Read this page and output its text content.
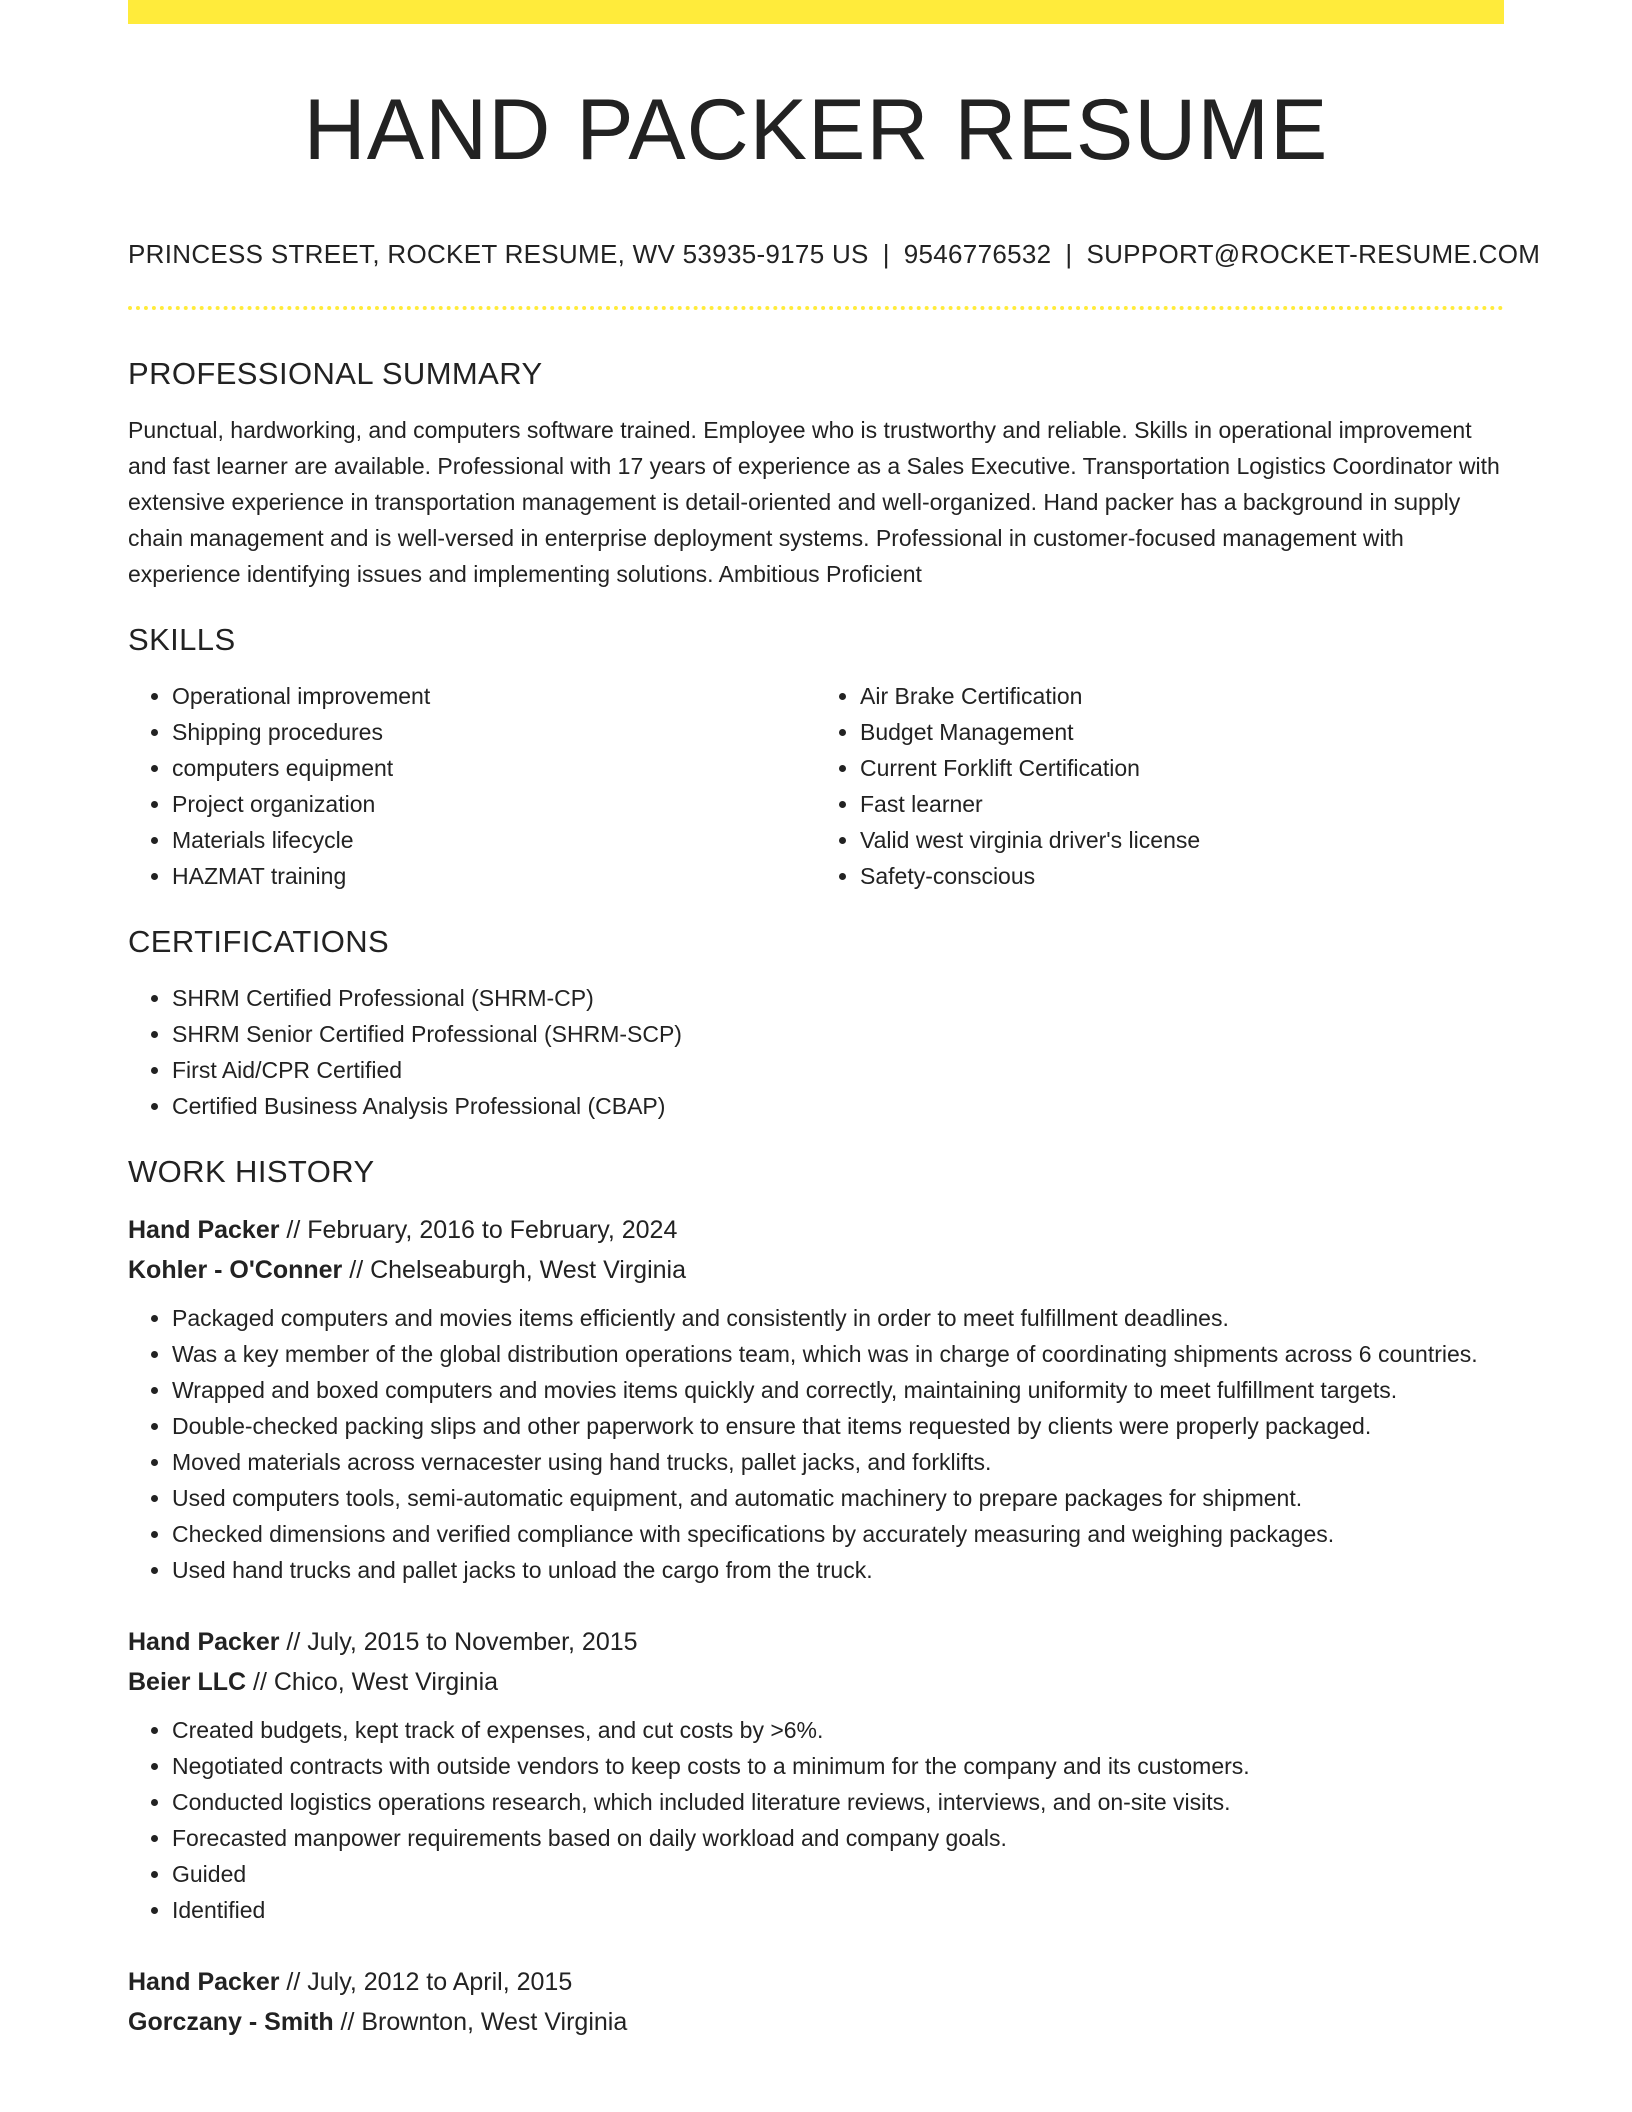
HAND PACKER RESUME
PRINCESS STREET, ROCKET RESUME, WV 53935-9175 US | 9546776532 | SUPPORT@ROCKET-RESUME.COM
PROFESSIONAL SUMMARY

Punctual, hardworking, and computers software trained. Employee who is trustworthy and reliable. Skills in operational improvement and fast learner are available. Professional with 17 years of experience as a Sales Executive. Transportation Logistics Coordinator with extensive experience in transportation management is detail-oriented and well-organized. Hand packer has a background in supply chain management and is well-versed in enterprise deployment systems. Professional in customer-focused management with experience identifying issues and implementing solutions. Ambitious Proficient

SKILLS
• Operational improvement
• Shipping procedures
• computers equipment
• Project organization
• Materials lifecycle
• HAZMAT training
• Air Brake Certification
• Budget Management
• Current Forklift Certification
• Fast learner
• Valid west virginia driver's license
• Safety-conscious
CERTIFICATIONS
• SHRM Certified Professional (SHRM-CP)
• SHRM Senior Certified Professional (SHRM-SCP)
• First Aid/CPR Certified
• Certified Business Analysis Professional (CBAP)
WORK HISTORY
Hand Packer // February, 2016 to February, 2024
Kohler - O'Conner // Chelseaburgh, West Virginia
• Packaged computers and movies items efficiently and consistently in order to meet fulfillment deadlines.
• Was a key member of the global distribution operations team, which was in charge of coordinating shipments across 6 countries.
• Wrapped and boxed computers and movies items quickly and correctly, maintaining uniformity to meet fulfillment targets.
• Double-checked packing slips and other paperwork to ensure that items requested by clients were properly packaged.
• Moved materials across vernacester using hand trucks, pallet jacks, and forklifts.
• Used computers tools, semi-automatic equipment, and automatic machinery to prepare packages for shipment.
• Checked dimensions and verified compliance with specifications by accurately measuring and weighing packages.
• Used hand trucks and pallet jacks to unload the cargo from the truck.
Hand Packer // July, 2015 to November, 2015
Beier LLC // Chico, West Virginia
• Created budgets, kept track of expenses, and cut costs by >6%.
• Negotiated contracts with outside vendors to keep costs to a minimum for the company and its customers.
• Conducted logistics operations research, which included literature reviews, interviews, and on-site visits.
• Forecasted manpower requirements based on daily workload and company goals.
• Guided
• Identified
Hand Packer // July, 2012 to April, 2015
Gorczany - Smith // Brownton, West Virginia
